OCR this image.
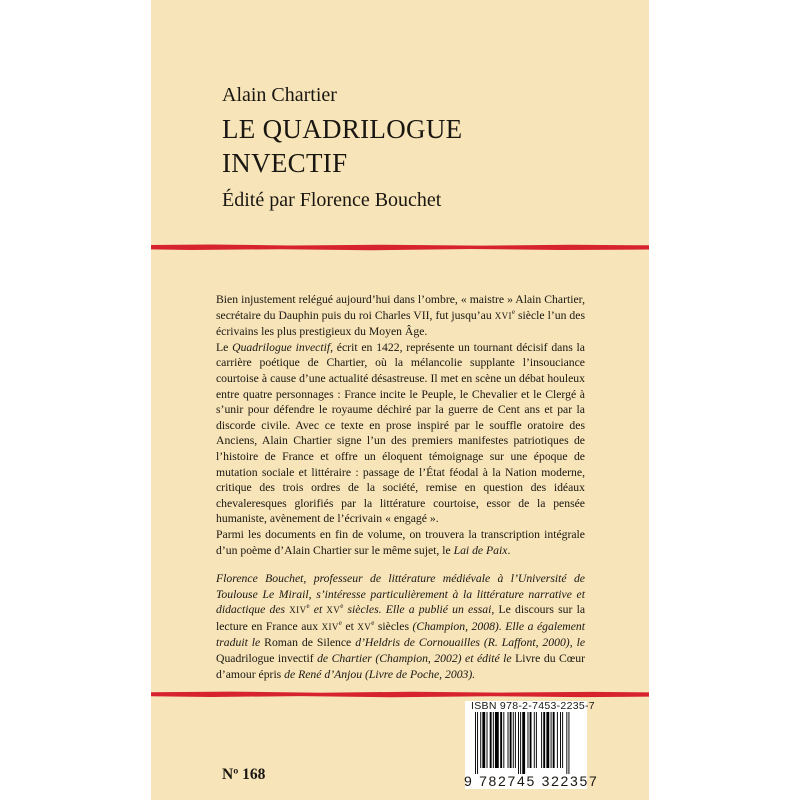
Alain Chartier
LE QUADRILOGUE
INVECTIF
Édité par Florence Bouchet

Bien injustement relégué aujourd’hui dans l’ombre, « maistre » Alain Chartier, secrétaire du Dauphin puis du roi Charles VII, fut jusqu’au XVIe siècle l’un des écrivains les plus prestigieux du Moyen Âge.

Le Quadrilogue invectif, écrit en 1422, représente un tournant décisif dans la carrière poétique de Chartier, où la mélancolie supplante l’insouciance courtoise à cause d’une actualité désastreuse. Il met en scène un débat houleux entre quatre personnages : France incite le Peuple, le Chevalier et le Clergé à s’unir pour défendre le royaume déchiré par la guerre de Cent ans et par la discorde civile. Avec ce texte en prose inspiré par le souffle oratoire des Anciens, Alain Chartier signe l’un des premiers manifestes patriotiques de l’histoire de France et offre un éloquent témoignage sur une époque de mutation sociale et littéraire : passage de l’État féodal à la Nation moderne, critique des trois ordres de la société, remise en question des idéaux chevaleresques glorifiés par la littérature courtoise, essor de la pensée humaniste, avènement de l’écrivain « engagé ».

Parmi les documents en fin de volume, on trouvera la transcription intégrale d’un poème d’Alain Chartier sur le même sujet, le Lai de Paix.

Florence Bouchet, professeur de littérature médiévale à l’Université de Toulouse Le Mirail, s’intéresse particulièrement à la littérature narrative et didactique des XIVe et XVe siècles. Elle a publié un essai, Le discours sur la lecture en France aux XIVe et XVe siècles (Champion, 2008). Elle a également traduit le Roman de Silence d’Heldris de Cornouailles (R. Laffont, 2000), le Quadrilogue invectif de Chartier (Champion, 2002) et édité le Livre du Cœur d’amour épris de René d’Anjou (Livre de Poche, 2003).

Nº 168
ISBN 978-2-7453-2235-7
9 782745 322357
